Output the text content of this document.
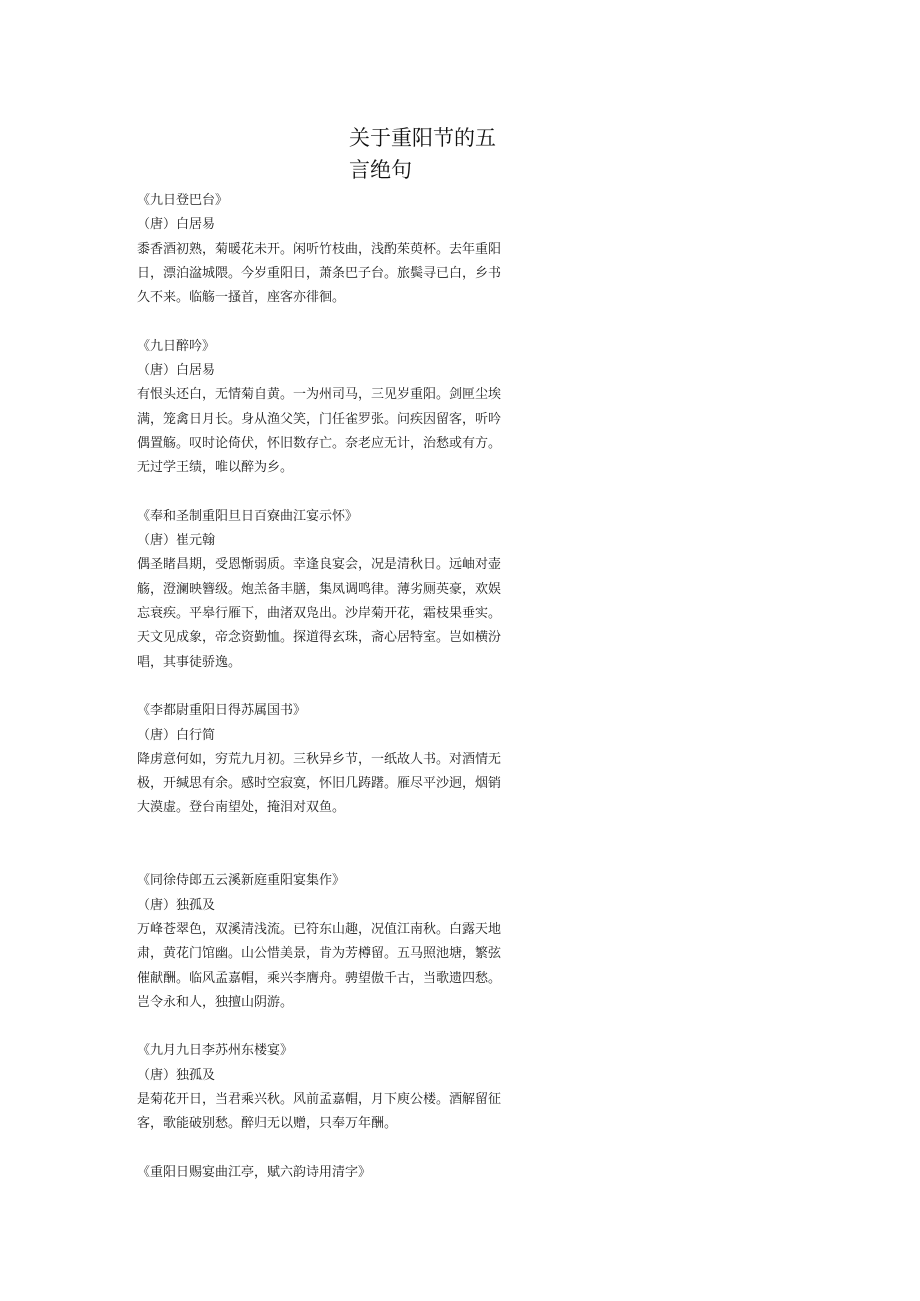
关于重阳节的五
言绝句
《九日登巴台》
（唐）白居易
黍香酒初熟，菊暖花未开。闲听竹枝曲，浅酌茱萸杯。去年重阳
日，漂泊湓城隈。今岁重阳日，萧条巴子台。旅鬓寻已白，乡书
久不来。临觞一搔首，座客亦徘徊。
《九日醉吟》
（唐）白居易
有恨头还白，无情菊自黄。一为州司马，三见岁重阳。剑匣尘埃
满，笼禽日月长。身从渔父笑，门任雀罗张。问疾因留客，听吟
偶置觞。叹时论倚伏，怀旧数存亡。奈老应无计，治愁或有方。
无过学王绩，唯以醉为乡。
《奉和圣制重阳旦日百寮曲江宴示怀》
（唐）崔元翰
偶圣睹昌期，受恩惭弱质。幸逢良宴会，况是清秋日。远岫对壶
觞，澄澜映簪级。炮羔备丰膳，集凤调鸣律。薄劣厕英豪，欢娱
忘衰疾。平皋行雁下，曲渚双凫出。沙岸菊开花，霜枝果垂实。
天文见成象，帝念资勤恤。探道得玄珠，斋心居特室。岂如横汾
唱，其事徒骄逸。
《李都尉重阳日得苏属国书》
（唐）白行简
降虏意何如，穷荒九月初。三秋异乡节，一纸故人书。对酒情无
极，开缄思有余。感时空寂寞，怀旧几踌躇。雁尽平沙迥，烟销
大漠虚。登台南望处，掩泪对双鱼。
《同徐侍郎五云溪新庭重阳宴集作》
（唐）独孤及
万峰苍翠色，双溪清浅流。已符东山趣，况值江南秋。白露天地
肃，黄花门馆幽。山公惜美景，肯为芳樽留。五马照池塘，繁弦
催献酬。临风孟嘉帽，乘兴李膺舟。骋望傲千古，当歌遗四愁。
岂令永和人，独擅山阴游。
《九月九日李苏州东楼宴》
（唐）独孤及
是菊花开日，当君乘兴秋。风前孟嘉帽，月下庾公楼。酒解留征
客，歌能破别愁。醉归无以赠，只奉万年酬。
《重阳日赐宴曲江亭，赋六韵诗用清字》
